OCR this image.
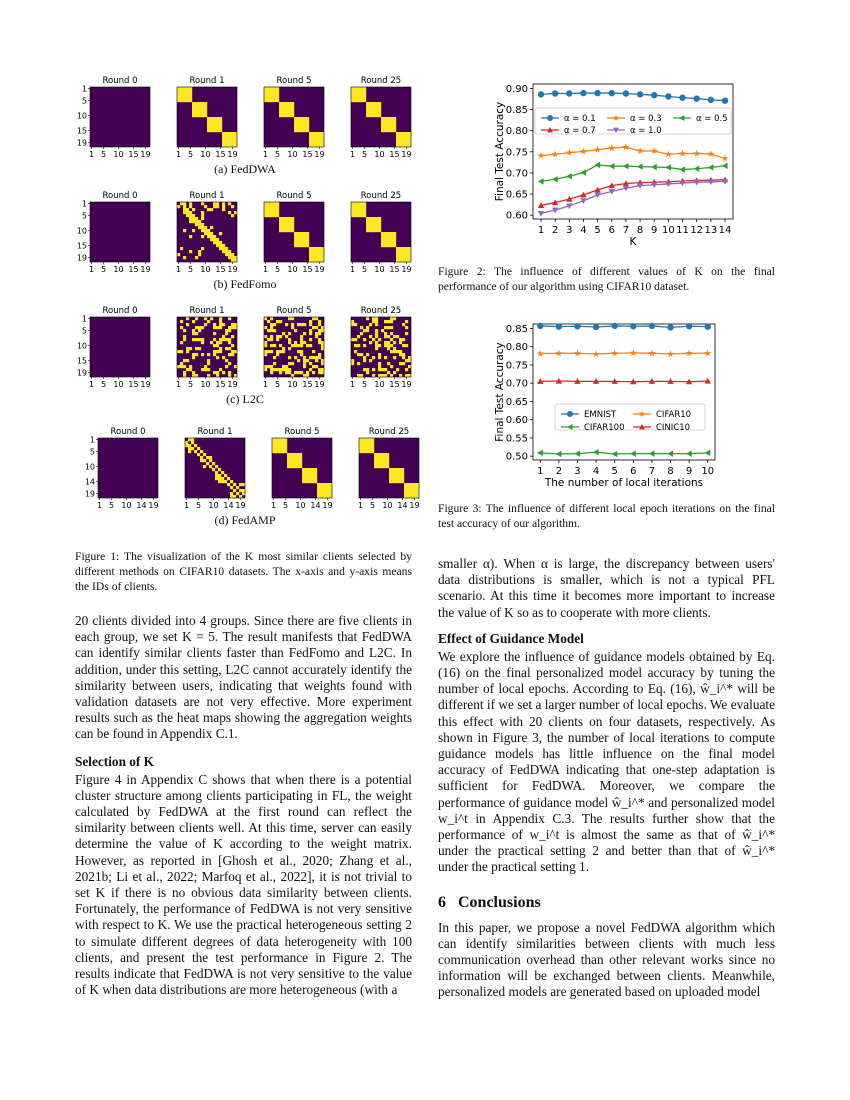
Round 0
1 5 10 15 19
1
5
10
15
19
Round 1
1 5 10 15 19
Round 5
1 5 10 15 19
Round 25
1 5 10 15 19
Round 0
1 5 10 15 19
1
5
10
15
19
Round 1
1 5 10 15 19
Round 5
1 5 10 15 19
Round 25
1 5 10 15 19
Round 0
1 5 10 15 19
1
5
10
15
19
Round 1
1 5 10 15 19
Round 5
1 5 10 15 19
Round 25
1 5 10 15 19
Round 0
1 5 10 14 19
1
5
10
14
19
Round 1
1 5 10 14 19
Round 5
1 5 10 14 19
Round 25
1 5 10 14 19
(a) FedDWA
(b) FedFomo
(c) L2C
(d) FedAMP
Figure 1: The visualization of the K most similar clients selected by different methods on CIFAR10 datasets. The x-axis and y-axis means the IDs of clients.
0.60
0.65
0.70
0.75
0.80
0.85
0.90
1 2 3 4 5 6 7 8 9 10 11 12 13 14
K
Final Test Accuracy	α = 0.1	α = 0.3	α = 0.5
α = 0.7	α = 1.0
Figure 2: The influence of different values of K on the final performance of our algorithm using CIFAR10 dataset.
0.50
0.55
0.60
0.65
0.70
0.75
0.80
0.85
1 2 3 4 5 6 7 8 9 10
The number of local iterations
Final Test Accuracy	EMNIST	CIFAR10
CIFAR100	CINIC10
Figure 3: The influence of different local epoch iterations on the final test accuracy of our algorithm.

20 clients divided into 4 groups. Since there are five clients in each group, we set K = 5. The result manifests that FedDWA can identify similar clients faster than FedFomo and L2C. In addition, under this setting, L2C cannot accurately identify the similarity between users, indicating that weights found with validation datasets are not very effective. More experiment results such as the heat maps showing the aggregation weights can be found in Appendix C.1.

Selection of K

Figure 4 in Appendix C shows that when there is a potential cluster structure among clients participating in FL, the weight calculated by FedDWA at the first round can reflect the similarity between clients well. At this time, server can easily determine the value of K according to the weight matrix. However, as reported in [Ghosh et al., 2020; Zhang et al., 2021b; Li et al., 2022; Marfoq et al., 2022], it is not trivial to set K if there is no obvious data similarity between clients. Fortunately, the performance of FedDWA is not very sensitive with respect to K. We use the practical heterogeneous setting 2 to simulate different degrees of data heterogeneity with 100 clients, and present the test performance in Figure 2. The results indicate that FedDWA is not very sensitive to the value of K when data distributions are more heterogeneous (with a

smaller α). When α is large, the discrepancy between users' data distributions is smaller, which is not a typical PFL scenario. At this time it becomes more important to increase the value of K so as to cooperate with more clients.

Effect of Guidance Model

We explore the influence of guidance models obtained by Eq. (16) on the final personalized model accuracy by tuning the number of local epochs. According to Eq. (16), ŵ_i^* will be different if we set a larger number of local epochs. We evaluate this effect with 20 clients on four datasets, respectively. As shown in Figure 3, the number of local iterations to compute guidance models has little influence on the final model accuracy of FedDWA indicating that one-step adaptation is sufficient for FedDWA. Moreover, we compare the performance of guidance model ŵ_i^* and personalized model w_i^t in Appendix C.3. The results further show that the performance of w_i^t is almost the same as that of ŵ_i^* under the practical setting 2 and better than that of ŵ_i^* under the practical setting 1.

6 Conclusions

In this paper, we propose a novel FedDWA algorithm which can identify similarities between clients with much less communication overhead than other relevant works since no information will be exchanged between clients. Meanwhile, personalized models are generated based on uploaded model
